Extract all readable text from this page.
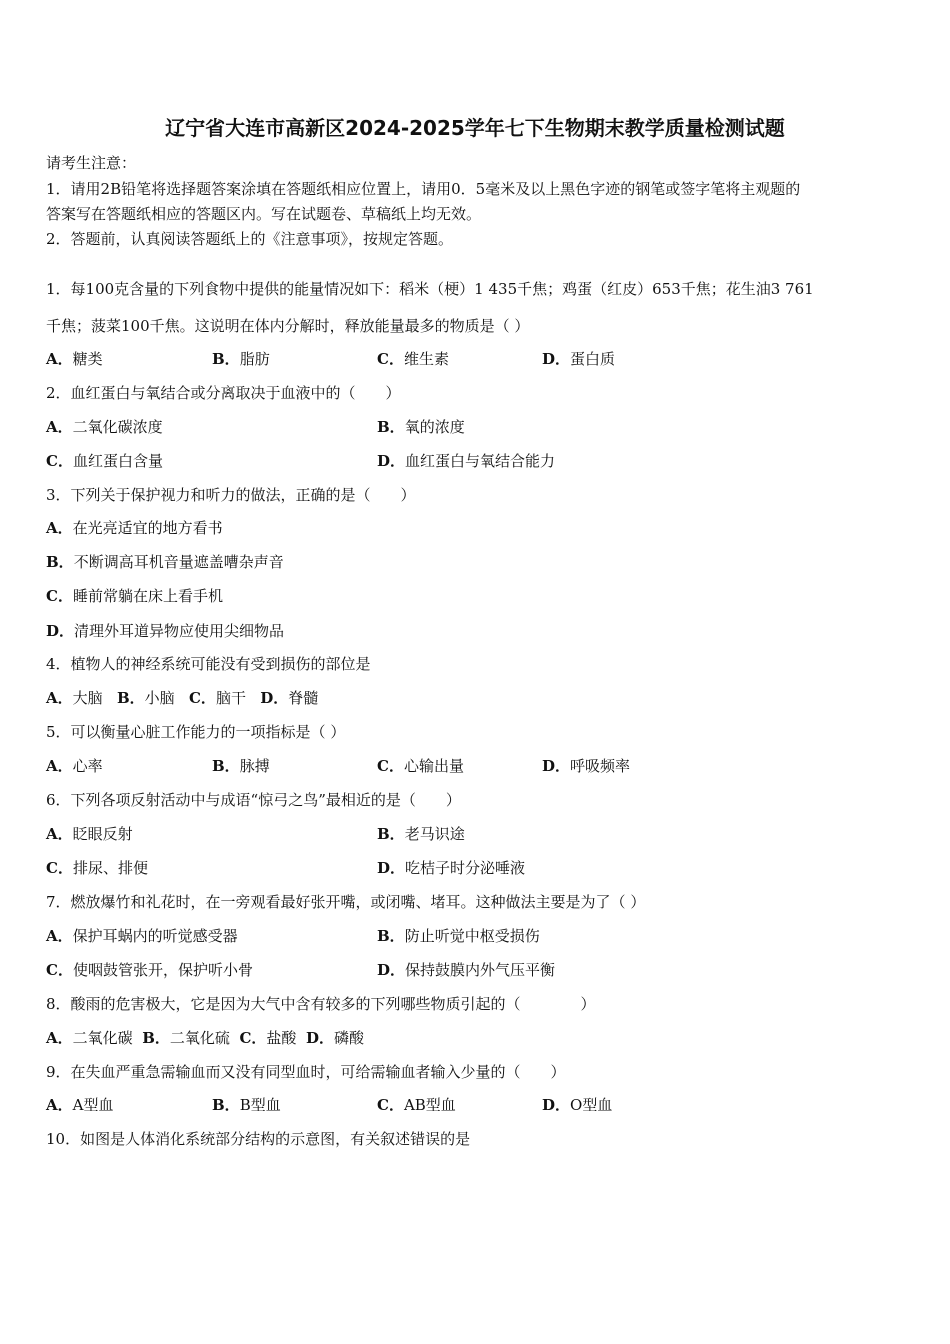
辽宁省大连市高新区2024-2025学年七下生物期末教学质量检测试题
请考生注意：
1．请用2B铅笔将选择题答案涂填在答题纸相应位置上，请用0．5毫米及以上黑色字迹的钢笔或签字笔将主观题的
答案写在答题纸相应的答题区内。写在试题卷、草稿纸上均无效。
2．答题前，认真阅读答题纸上的《注意事项》，按规定答题。
1．每100克含量的下列食物中提供的能量情况如下：稻米（梗）1 435千焦；鸡蛋（红皮）653千焦；花生油3 761
千焦；菠菜100千焦。这说明在体内分解时，释放能量最多的物质是（ ）
A．糖类	B．脂肪	C．维生素	D．蛋白质
2．血红蛋白与氧结合或分离取决于血液中的（　　）
A．二氧化碳浓度	B．氧的浓度
C．血红蛋白含量	D．血红蛋白与氧结合能力
3．下列关于保护视力和听力的做法，正确的是（　　）
A．在光亮适宜的地方看书
B．不断调高耳机音量遮盖嘈杂声音
C．睡前常躺在床上看手机
D．清理外耳道异物应使用尖细物品
4．植物人的神经系统可能没有受到损伤的部位是
A．大脑 B．小脑 C．脑干 D．脊髓
5．可以衡量心脏工作能力的一项指标是（ ）
A．心率	B．脉搏	C．心输出量	D．呼吸频率
6．下列各项反射活动中与成语“惊弓之鸟”最相近的是（　　）
A．眨眼反射	B．老马识途
C．排尿、排便	D．吃桔子时分泌唾液
7．燃放爆竹和礼花时，在一旁观看最好张开嘴，或闭嘴、堵耳。这种做法主要是为了（ ）
A．保护耳蜗内的听觉感受器	B．防止听觉中枢受损伤
C．使咽鼓管张开，保护听小骨	D．保持鼓膜内外气压平衡
8．酸雨的危害极大，它是因为大气中含有较多的下列哪些物质引起的（　　　　）
A．二氧化碳 B．二氧化硫 C．盐酸 D．磷酸
9．在失血严重急需输血而又没有同型血时，可给需输血者输入少量的（　　）
A．A型血	B．B型血	C．AB型血	D．O型血
10．如图是人体消化系统部分结构的示意图，有关叙述错误的是
